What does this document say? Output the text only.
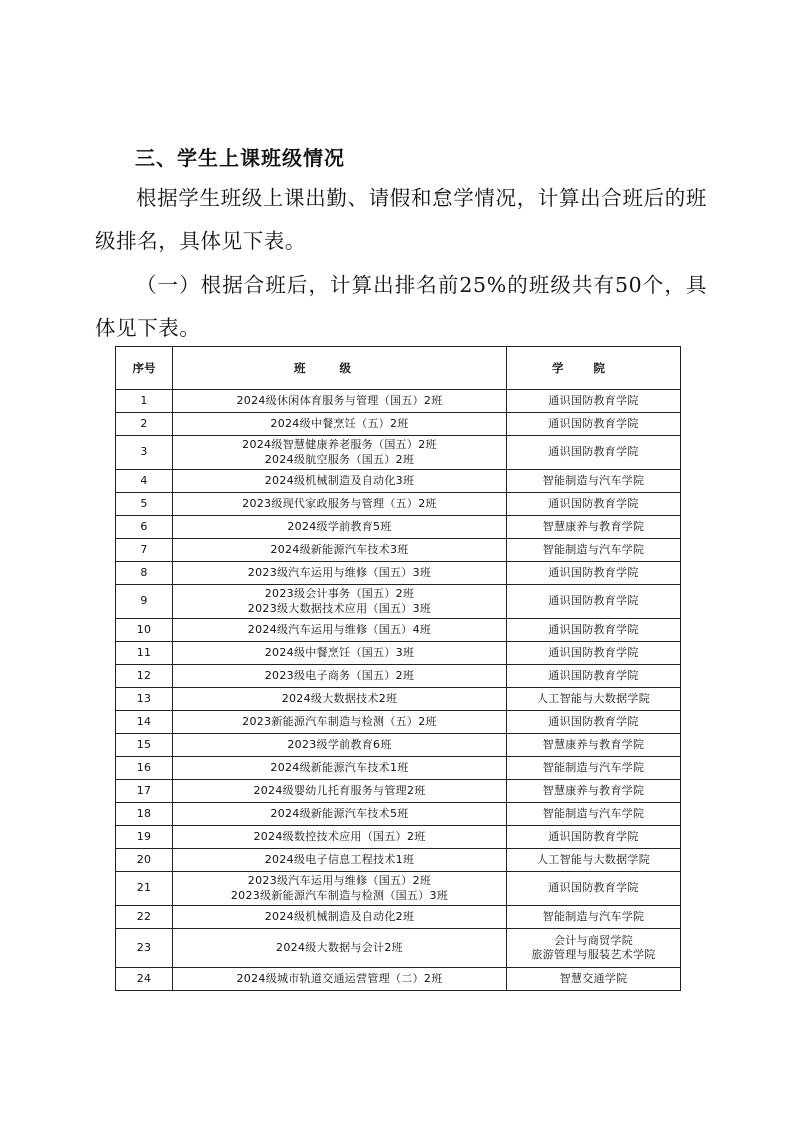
三、学生上课班级情况
根据学生班级上课出勤、请假和怠学情况，计算出合班后的班级排名，具体见下表。
（一）根据合班后，计算出排名前25%的班级共有50个，具体见下表。
序号	班级	学院
1	2024级休闲体育服务与管理（国五）2班	通识国防教育学院

2	2024级中餐烹饪（五）2班	通识国防教育学院

3	2024级智慧健康养老服务（国五）2班
2024级航空服务（国五）2班	通识国防教育学院

4	2024级机械制造及自动化3班	智能制造与汽车学院

5	2023级现代家政服务与管理（五）2班	通识国防教育学院

6	2024级学前教育5班	智慧康养与教育学院

7	2024级新能源汽车技术3班	智能制造与汽车学院

8	2023级汽车运用与维修（国五）3班	通识国防教育学院

9	2023级会计事务（国五）2班
2023级大数据技术应用（国五）3班	通识国防教育学院

10	2024级汽车运用与维修（国五）4班	通识国防教育学院

11	2024级中餐烹饪（国五）3班	通识国防教育学院

12	2023级电子商务（国五）2班	通识国防教育学院

13	2024级大数据技术2班	人工智能与大数据学院

14	2023新能源汽车制造与检测（五）2班	通识国防教育学院

15	2023级学前教育6班	智慧康养与教育学院

16	2024级新能源汽车技术1班	智能制造与汽车学院

17	2024级婴幼儿托育服务与管理2班	智慧康养与教育学院

18	2024级新能源汽车技术5班	智能制造与汽车学院

19	2024级数控技术应用（国五）2班	通识国防教育学院

20	2024级电子信息工程技术1班	人工智能与大数据学院

21	2023级汽车运用与维修（国五）2班
2023级新能源汽车制造与检测（国五）3班	通识国防教育学院

22	2024级机械制造及自动化2班	智能制造与汽车学院

23	2024级大数据与会计2班	会计与商贸学院
旅游管理与服装艺术学院

24	2024级城市轨道交通运营管理（二）2班	智慧交通学院
